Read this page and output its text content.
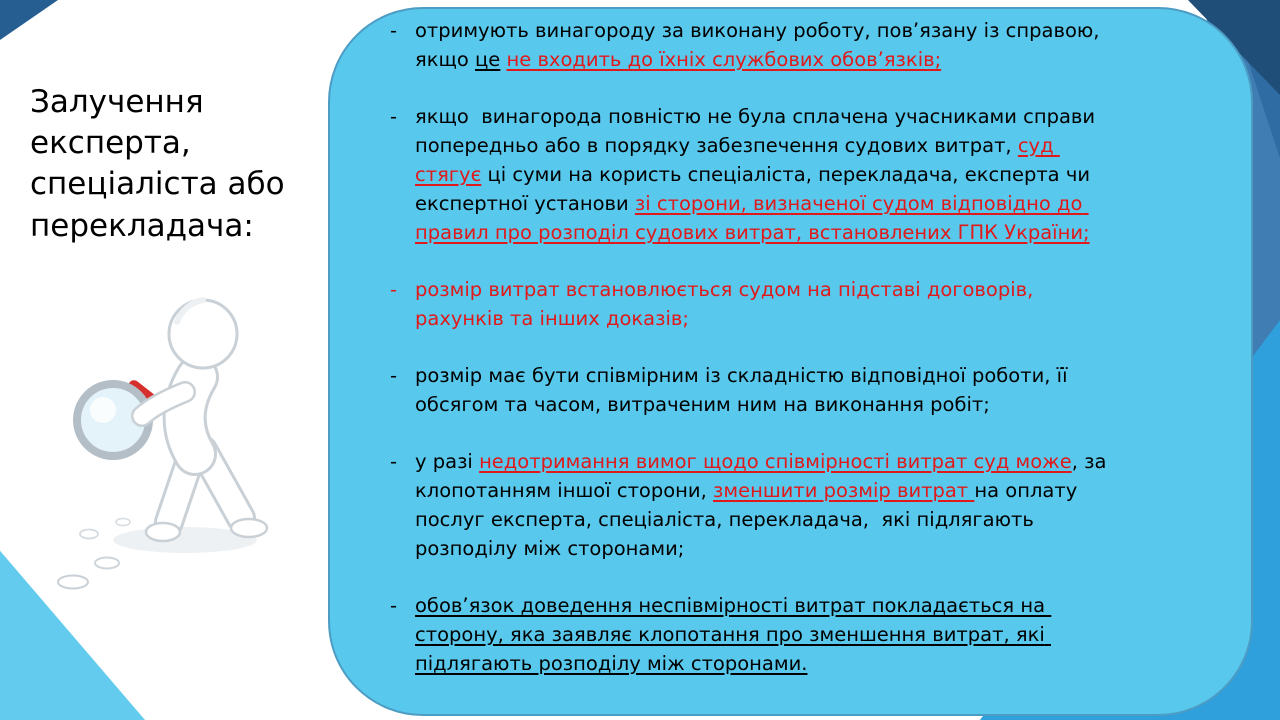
Залучення експерта, спеціаліста або перекладача:
- отримують винагороду за виконану роботу, пов’язану із справою, якщо це не входить до їхніх службових обов’язків;
- якщо  винагорода повністю не була сплачена учасниками справи попередньо або в порядку забезпечення судових витрат, суд стягує ці суми на користь спеціаліста, перекладача, експерта чи експертної установи зі сторони, визначеної судом відповідно до правил про розподіл судових витрат, встановлених ГПК України;
- розмір витрат встановлюється судом на підставі договорів, рахунків та інших доказів;
- розмір має бути співмірним із складністю відповідної роботи, її обсягом та часом, витраченим ним на виконання робіт;
- у разі недотримання вимог щодо співмірності витрат суд може, за клопотанням іншої сторони, зменшити розмір витрат на оплату послуг експерта, спеціаліста, перекладача,  які підлягають розподілу між сторонами;
- обов’язок доведення неспівмірності витрат покладається на сторону, яка заявляє клопотання про зменшення витрат, які підлягають розподілу між сторонами.
